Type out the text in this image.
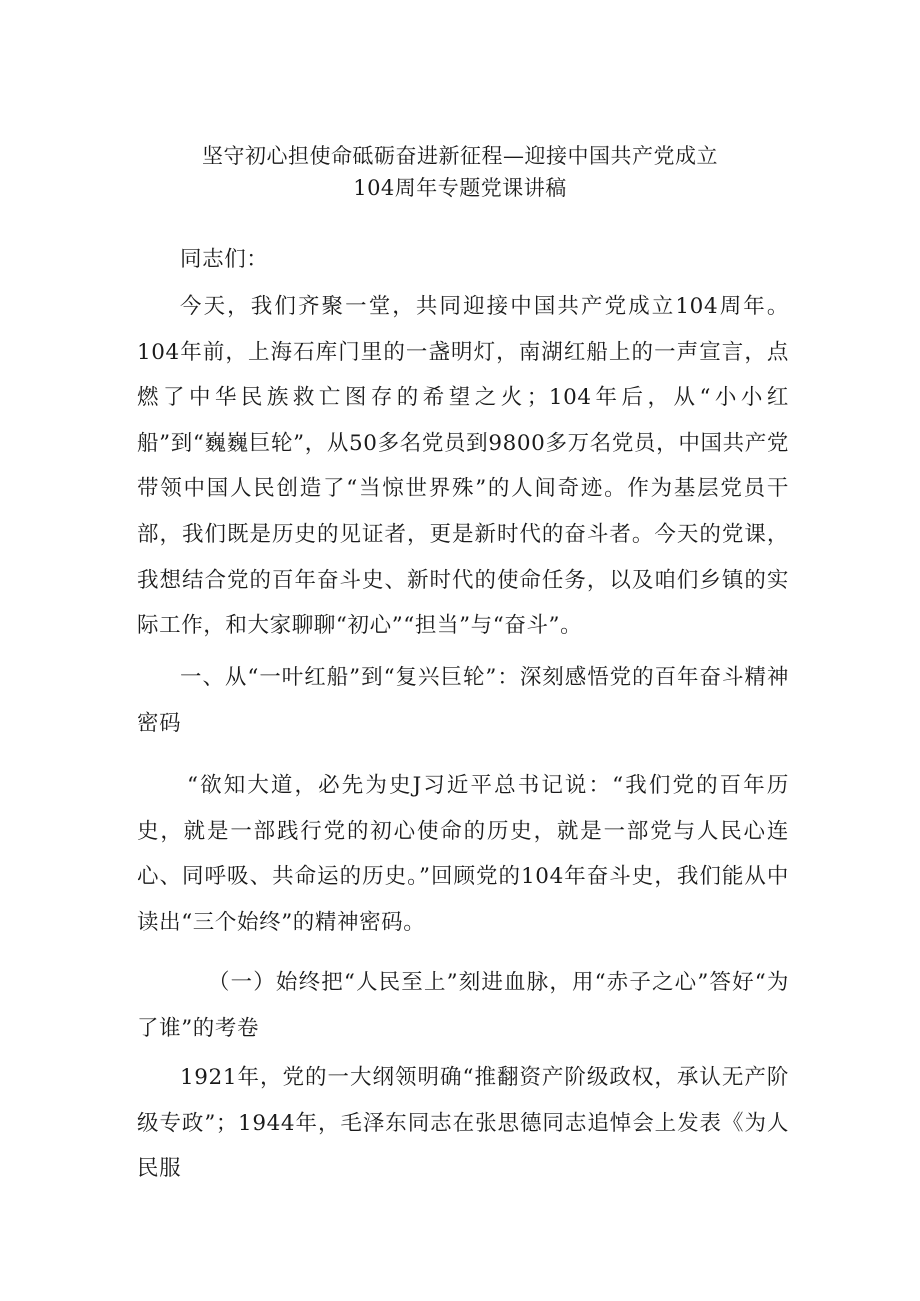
坚守初心担使命砥砺奋进新征程—迎接中国共产党成立
104周年专题党课讲稿

同志们：

今天，我们齐聚一堂，共同迎接中国共产党成立104周年。104年前，上海石库门里的一盏明灯，南湖红船上的一声宣言，点燃了中华民族救亡图存的希望之火；104年后，从“小小红船”到“巍巍巨轮”，从50多名党员到9800多万名党员，中国共产党带领中国人民创造了“当惊世界殊”的人间奇迹。作为基层党员干部，我们既是历史的见证者，更是新时代的奋斗者。今天的党课，我想结合党的百年奋斗史、新时代的使命任务，以及咱们乡镇的实际工作，和大家聊聊“初心”“担当”与“奋斗”。

一、从“一叶红船”到“复兴巨轮”：深刻感悟党的百年奋斗精神密码

“欲知大道，必先为史J习近平总书记说：“我们党的百年历史，就是一部践行党的初心使命的历史，就是一部党与人民心连心、同呼吸、共命运的历史。”回顾党的104年奋斗史，我们能从中读出“三个始终”的精神密码。

（一）始终把“人民至上”刻进血脉，用“赤子之心”答好“为了谁”的考卷

1921年，党的一大纲领明确“推翻资产阶级政权，承认无产阶级专政”；1944年，毛泽东同志在张思德同志追悼会上发表《为人民服
